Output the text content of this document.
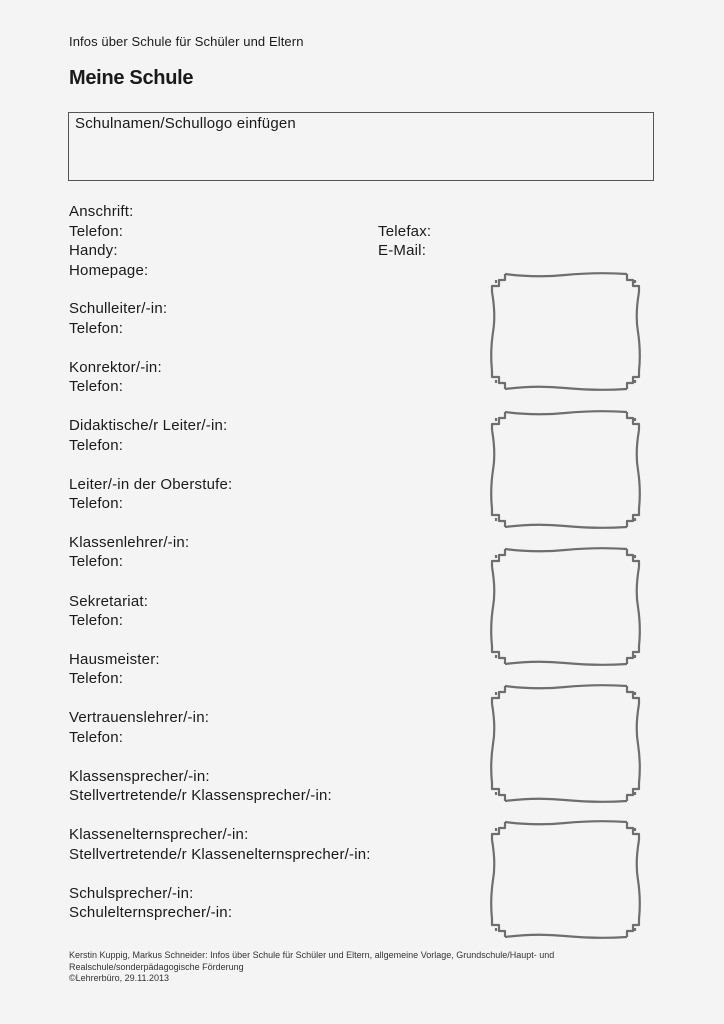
Infos über Schule für Schüler und Eltern
Meine Schule
Schulnamen/Schullogo einfügen
Anschrift:
Telefon:	Telefax:
Handy:	E-Mail:
Homepage:
Schulleiter/-in:
Telefon:
Konrektor/-in:
Telefon:
Didaktische/r Leiter/-in:
Telefon:
Leiter/-in der Oberstufe:
Telefon:
Klassenlehrer/-in:
Telefon:
Sekretariat:
Telefon:
Hausmeister:
Telefon:
Vertrauenslehrer/-in:
Telefon:
Klassensprecher/-in:
Stellvertretende/r Klassensprecher/-in:
Klassenelternsprecher/-in:
Stellvertretende/r Klassenelternsprecher/-in:
Schulsprecher/-in:
Schulelternsprecher/-in:
Kerstin Kuppig, Markus Schneider: Infos über Schule für Schüler und Eltern, allgemeine Vorlage, Grundschule/Haupt- und
Realschule/sonderpädagogische Förderung
©Lehrerbüro, 29.11.2013
